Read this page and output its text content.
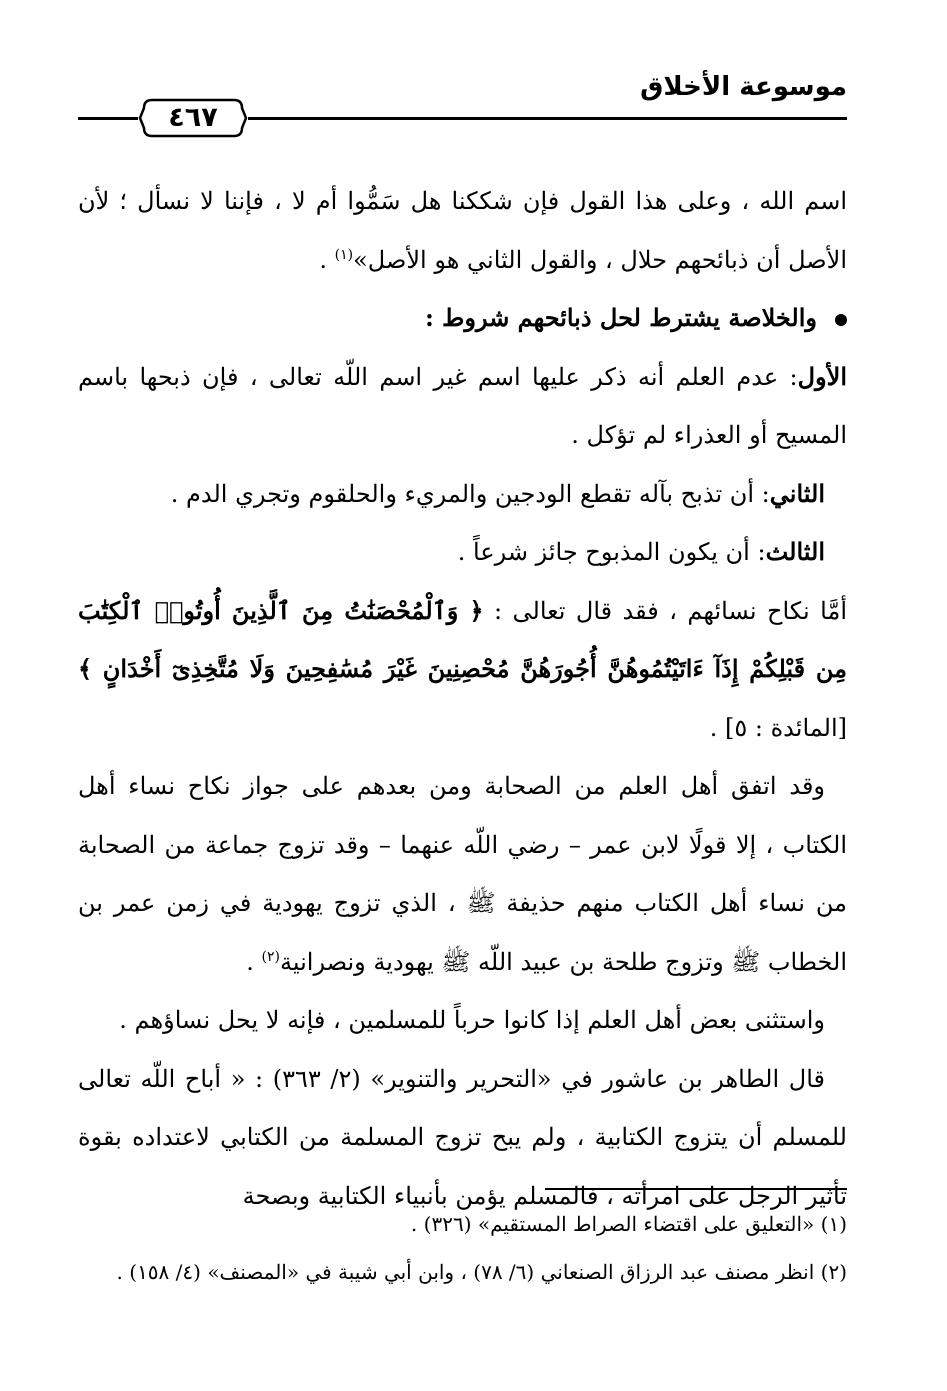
موسوعة الأخلاق
٤٦٧

اسم الله ، وعلى هذا القول فإن شككنا هل سَمُّوا أم لا ، فإننا لا نسأل ؛ لأن الأصل أن ذبائحهم حلال ، والقول الثاني هو الأصل»$^{(١)}$ .

والخلاصة يشترط لحل ذبائحهم شروط :

الأول: عدم العلم أنه ذكر عليها اسم غير اسم اللّه تعالى ، فإن ذبحها باسم المسيح أو العذراء لم تؤكل .

الثاني: أن تذبح بآله تقطع الودجين والمريء والحلقوم وتجري الدم .

الثالث: أن يكون المذبوح جائز شرعاً .

أمَّا نكاح نسائهم ، فقد قال تعالى : ﴿ وَٱلْمُحْصَنَٰتُ مِنَ ٱلَّذِينَ أُوتُوا۟ ٱلْكِتَٰبَ مِن قَبْلِكُمْ إِذَآ ءَاتَيْتُمُوهُنَّ أُجُورَهُنَّ مُحْصِنِينَ غَيْرَ مُسَٰفِحِينَ وَلَا مُتَّخِذِىٓ أَخْدَانٍ ﴾ [المائدة : ٥] .

وقد اتفق أهل العلم من الصحابة ومن بعدهم على جواز نكاح نساء أهل الكتاب ، إلا قولًا لابن عمر – رضي اللّه عنهما – وقد تزوج جماعة من الصحابة من نساء أهل الكتاب منهم حذيفة ﷺ ، الذي تزوج يهودية في زمن عمر بن الخطاب ﷺ وتزوج طلحة بن عبيد اللّه ﷺ يهودية ونصرانية$^{(٢)}$ .

واستثنى بعض أهل العلم إذا كانوا حرباً للمسلمين ، فإنه لا يحل نساؤهم .

قال الطاهر بن عاشور في «التحرير والتنوير» (٢/ ٣٦٣) : « أباح اللّه تعالى للمسلم أن يتزوج الكتابية ، ولم يبح تزوج المسلمة من الكتابي لاعتداده بقوة تأثير الرجل على امرأته ، فالمسلم يؤمن بأنبياء الكتابية وبصحة

(١) «التعليق على اقتضاء الصراط المستقيم» (٣٢٦) .

(٢) انظر مصنف عبد الرزاق الصنعاني (٦/ ٧٨) ، وابن أبي شيبة في «المصنف» (٤/ ١٥٨) .
